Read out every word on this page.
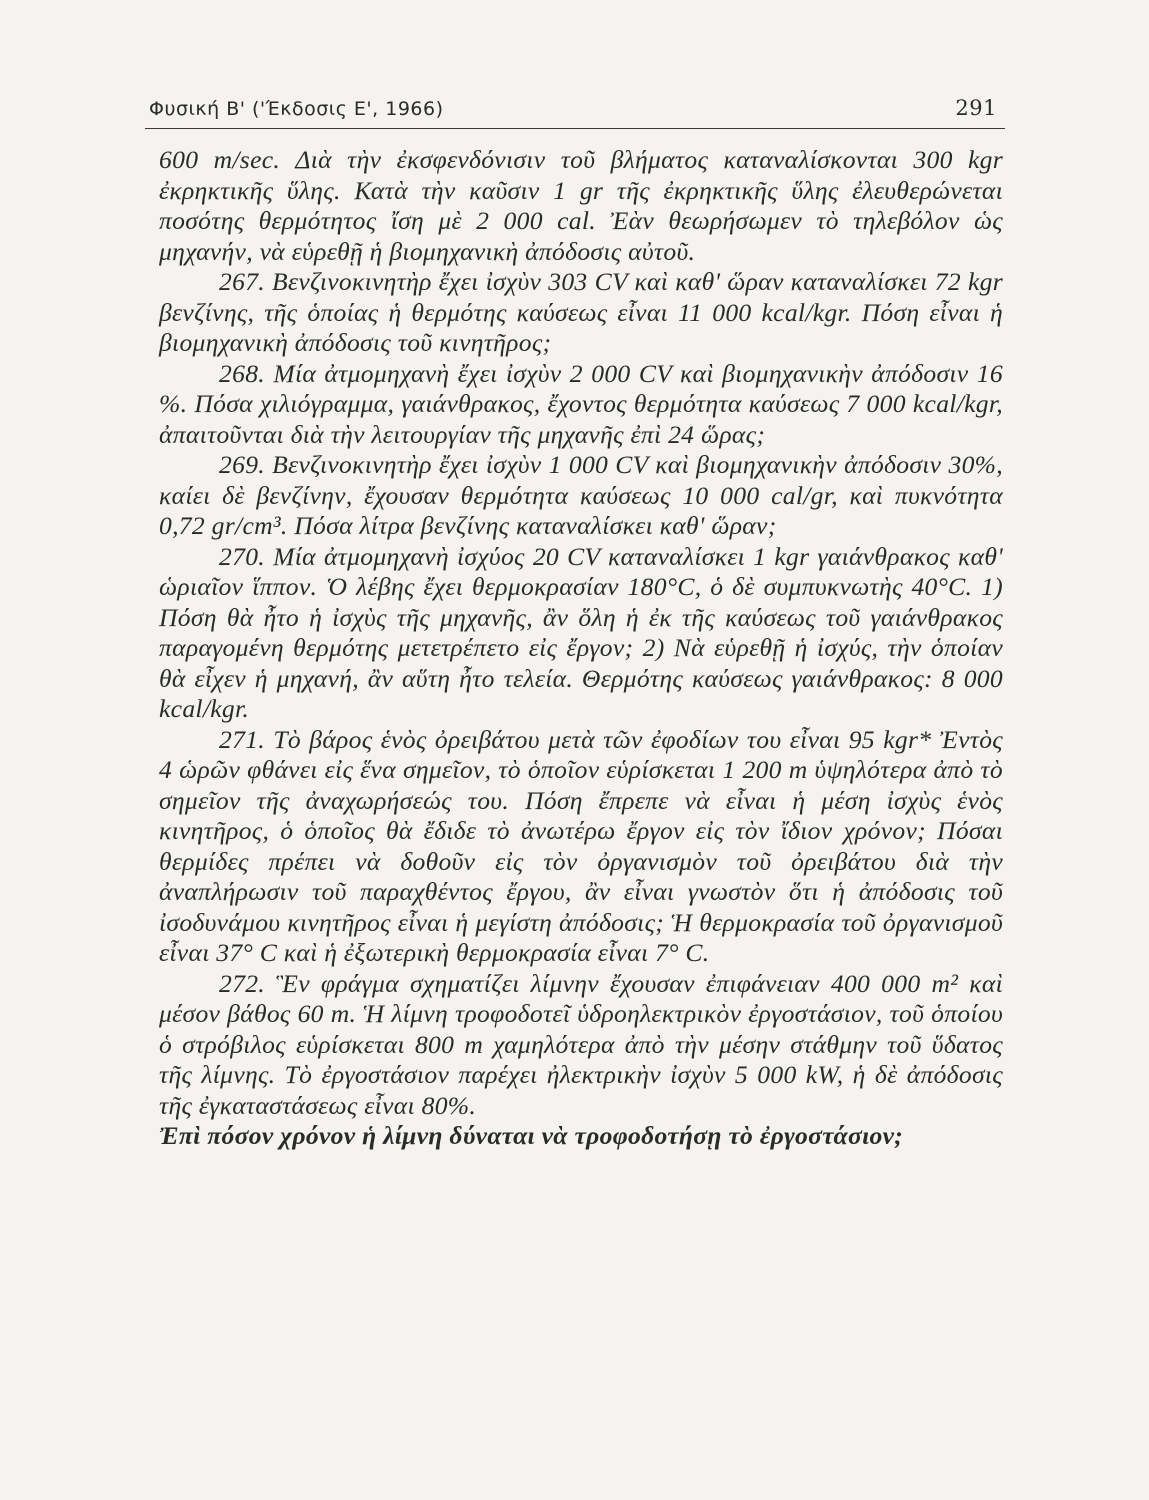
Φυσική Β' ('Έκδοσις Ε', 1966)	291

600 m/sec. Διὰ τὴν ἐκσφενδόνισιν τοῦ βλήματος καταναλίσκονται 300 kgr ἐκρηκτικῆς ὕλης. Κατὰ τὴν καῦσιν 1 gr τῆς ἐκρηκτικῆς ὕλης ἐλευθερώνεται ποσότης θερμότητος ἴση μὲ 2 000 cal. Ἐὰν θεωρήσωμεν τὸ τηλεβόλον ὡς μηχανήν, νὰ εὑρεθῇ ἡ βιομηχανικὴ ἀπόδοσις αὐτοῦ.

267. Βενζινοκινητὴρ ἔχει ἰσχὺν 303 CV καὶ καθ' ὥραν καταναλίσκει 72 kgr βενζίνης, τῆς ὁποίας ἡ θερμότης καύσεως εἶναι 11 000 kcal/kgr. Πόση εἶναι ἡ βιομηχανικὴ ἀπόδοσις τοῦ κινητῆρος;

268. Μία ἀτμομηχανὴ ἔχει ἰσχὺν 2 000 CV καὶ βιομηχανικὴν ἀπόδοσιν 16 %. Πόσα χιλιόγραμμα, γαιάνθρακος, ἔχοντος θερμότητα καύσεως 7 000 kcal/kgr, ἀπαιτοῦνται διὰ τὴν λειτουργίαν τῆς μηχανῆς ἐπὶ 24 ὥρας;

269. Βενζινοκινητὴρ ἔχει ἰσχὺν 1 000 CV καὶ βιομηχανικὴν ἀπόδοσιν 30%, καίει δὲ βενζίνην, ἔχουσαν θερμότητα καύσεως 10 000 cal/gr, καὶ πυκνότητα 0,72 gr/cm³. Πόσα λίτρα βενζίνης καταναλίσκει καθ' ὥραν;

270. Μία ἀτμομηχανὴ ἰσχύος 20 CV καταναλίσκει 1 kgr γαιάνθρακος καθ' ὡριαῖον ἵππον. Ὁ λέβης ἔχει θερμοκρασίαν 180°C, ὁ δὲ συμπυκνωτὴς 40°C. 1) Πόση θὰ ἦτο ἡ ἰσχὺς τῆς μηχανῆς, ἂν ὅλη ἡ ἐκ τῆς καύσεως τοῦ γαιάνθρακος παραγομένη θερμότης μετετρέπετο εἰς ἔργον; 2) Νὰ εὑρεθῇ ἡ ἰσχύς, τὴν ὁποίαν θὰ εἶχεν ἡ μηχανή, ἂν αὕτη ἦτο τελεία. Θερμότης καύσεως γαιάνθρακος: 8 000 kcal/kgr.

271. Τὸ βάρος ἑνὸς ὀρειβάτου μετὰ τῶν ἐφοδίων του εἶναι 95 kgr* Ἐντὸς 4 ὡρῶν φθάνει εἰς ἕνα σημεῖον, τὸ ὁποῖον εὑρίσκεται 1 200 m ὑψηλότερα ἀπὸ τὸ σημεῖον τῆς ἀναχωρήσεώς του. Πόση ἔπρεπε νὰ εἶναι ἡ μέση ἰσχὺς ἑνὸς κινητῆρος, ὁ ὁποῖος θὰ ἔδιδε τὸ ἀνωτέρω ἔργον εἰς τὸν ἴδιον χρόνον; Πόσαι θερμίδες πρέπει νὰ δοθοῦν εἰς τὸν ὀργανισμὸν τοῦ ὀρειβάτου διὰ τὴν ἀναπλήρωσιν τοῦ παραχθέντος ἔργου, ἂν εἶναι γνωστὸν ὅτι ἡ ἀπόδοσις τοῦ ἰσοδυνάμου κινητῆρος εἶναι ἡ μεγίστη ἀπόδοσις; Ἡ θερμοκρασία τοῦ ὀργανισμοῦ εἶναι 37° C καὶ ἡ ἐξωτερικὴ θερμοκρασία εἶναι 7° C.

272. Ἓν φράγμα σχηματίζει λίμνην ἔχουσαν ἐπιφάνειαν 400 000 m² καὶ μέσον βάθος 60 m. Ἡ λίμνη τροφοδοτεῖ ὑδροηλεκτρικὸν ἐργοστάσιον, τοῦ ὁποίου ὁ στρόβιλος εὑρίσκεται 800 m χαμηλότερα ἀπὸ τὴν μέσην στάθμην τοῦ ὕδατος τῆς λίμνης. Τὸ ἐργοστάσιον παρέχει ἠλεκτρικὴν ἰσχὺν 5 000 kW, ἡ δὲ ἀπόδοσις τῆς ἐγκαταστάσεως εἶναι 80%.

Ἐπὶ πόσον χρόνον ἡ λίμνη δύναται νὰ τροφοδοτήσῃ τὸ ἐργοστάσιον;
